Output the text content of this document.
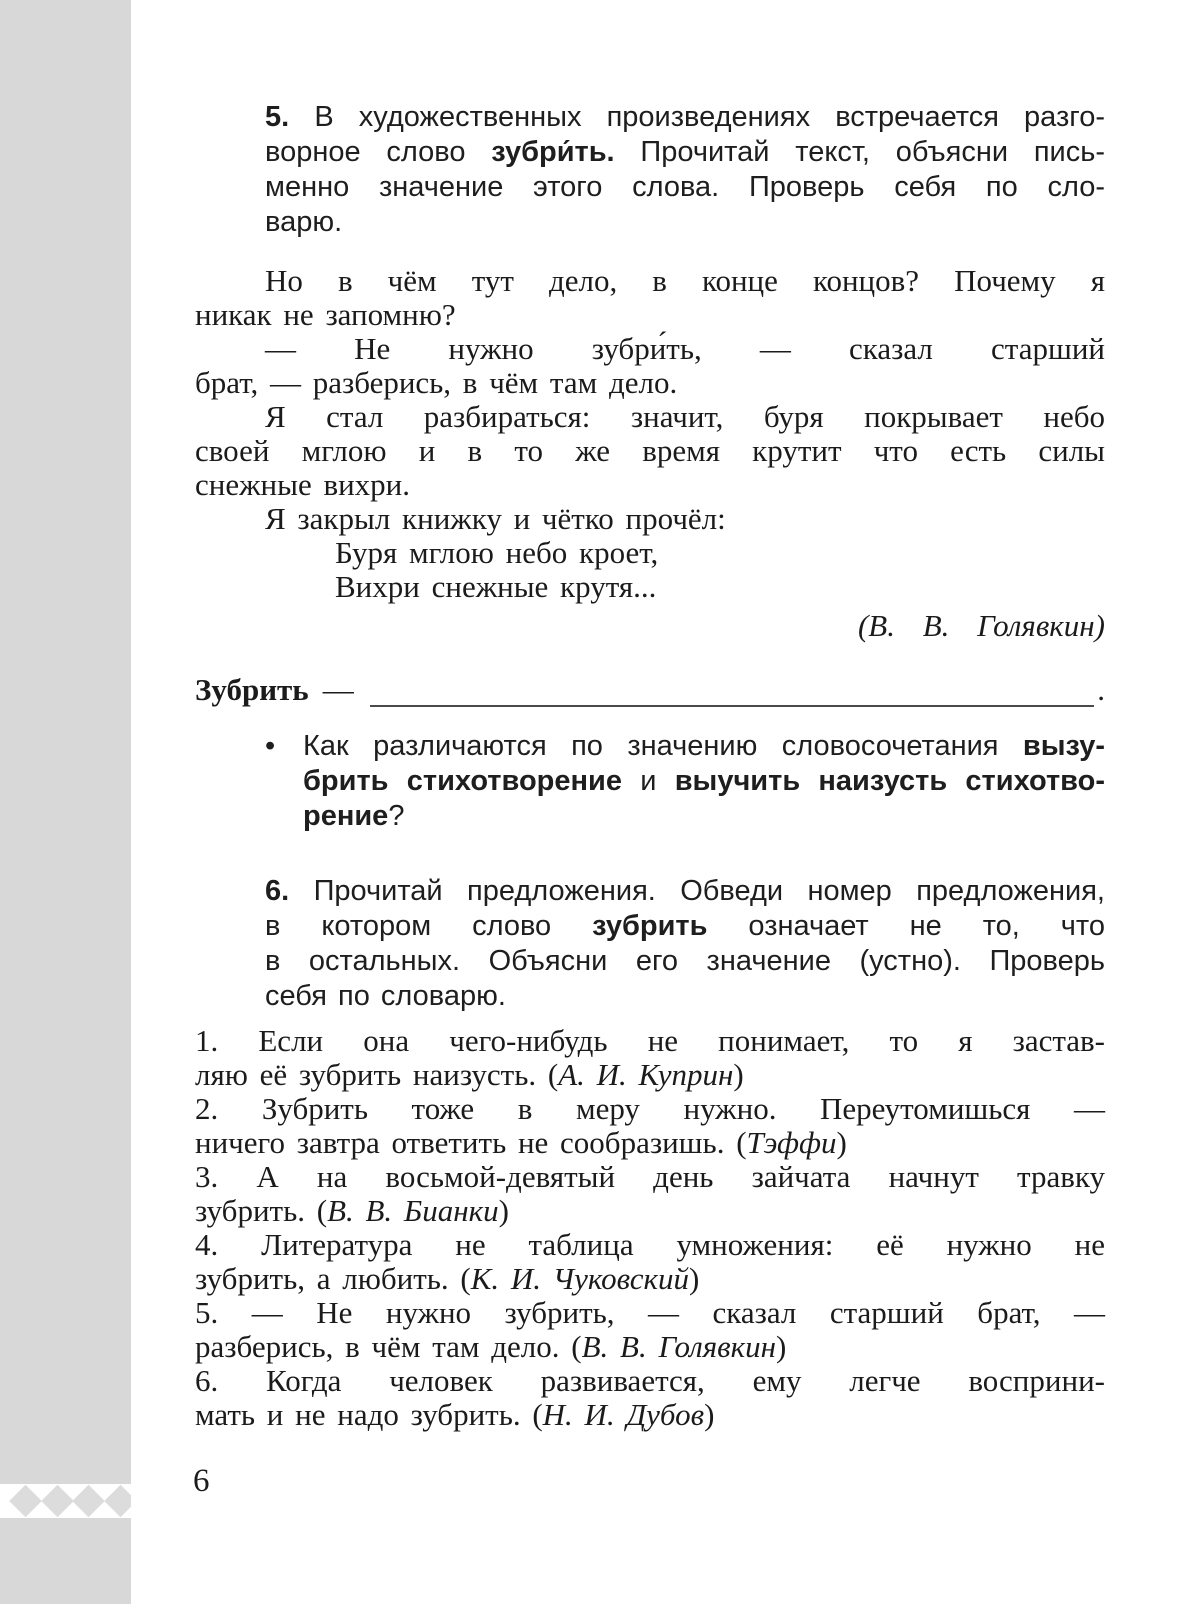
5. В художественных произведениях встречается разго-
ворное слово зубри́ть. Прочитай текст, объясни пись-
менно значение этого слова. Проверь себя по сло-
варю.
Но в чём тут дело, в конце концов? Почему я
никак не запомню?
— Не нужно зубри́ть, — сказал старший
брат, — разберись, в чём там дело.
Я стал разбираться: значит, буря покрывает небо
своей мглою и в то же время крутит что есть силы
снежные вихри.
Я закрыл книжку и чётко прочёл:
Буря мглою небо кроет,
Вихри снежные крутя...
(В. В. Голявкин)
Зубрить —	.
• Как различаются по значению словосочетания вызу-
брить стихотворение и выучить наизусть стихотво-
рение?
6. Прочитай предложения. Обведи номер предложения,
в котором слово зубрить означает не то, что
в остальных. Объясни его значение (устно). Проверь
себя по словарю.
1. Если она чего-нибудь не понимает, то я застав-
ляю её зубрить наизусть. (А. И. Куприн)
2. Зубрить тоже в меру нужно. Переутомишься —
ничего завтра ответить не сообразишь. (Тэффи)
3. А на восьмой-девятый день зайчата начнут травку
зубрить. (В. В. Бианки)
4. Литература не таблица умножения: её нужно не
зубрить, а любить. (К. И. Чуковский)
5. — Не нужно зубрить, — сказал старший брат, —
разберись, в чём там дело. (В. В. Голявкин)
6. Когда человек развивается, ему легче восприни-
мать и не надо зубрить. (Н. И. Дубов)
6
